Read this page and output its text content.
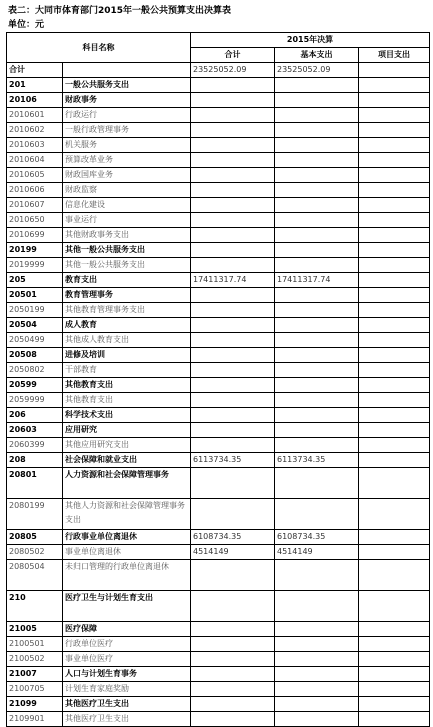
表二：大同市体育部门2015年一般公共预算支出决算表
单位：元
科目名称		2015年决算		
		合计	基本支出	项目支出
合计		23525052.09	23525052.09	
201	一般公共服务支出			
20106	财政事务			
2010601	行政运行			
2010602	一般行政管理事务			
2010603	机关服务			
2010604	预算改革业务			
2010605	财政国库业务			
2010606	财政监察			
2010607	信息化建设			
2010650	事业运行			
2010699	其他财政事务支出			
20199	其他一般公共服务支出			
2019999	其他一般公共服务支出			
205	教育支出	17411317.74	17411317.74	
20501	教育管理事务			
2050199	其他教育管理事务支出			
20504	成人教育			
2050499	其他成人教育支出			
20508	进修及培训			
2050802	干部教育			
20599	其他教育支出			
2059999	其他教育支出			
206	科学技术支出			
20603	应用研究			
2060399	其他应用研究支出			
208	社会保障和就业支出	6113734.35	6113734.35	
20801	人力资源和社会保障管理事务			
2080199	其他人力资源和社会保障管理事务支出			
20805	行政事业单位离退休	6108734.35	6108734.35	
2080502	事业单位离退休	4514149	4514149	
2080504	未归口管理的行政单位离退休			
210	医疗卫生与计划生育支出			
21005	医疗保障			
2100501	行政单位医疗			
2100502	事业单位医疗			
21007	人口与计划生育事务			
2100705	计划生育家庭奖励			
21099	其他医疗卫生支出			
2109901	其他医疗卫生支出			
